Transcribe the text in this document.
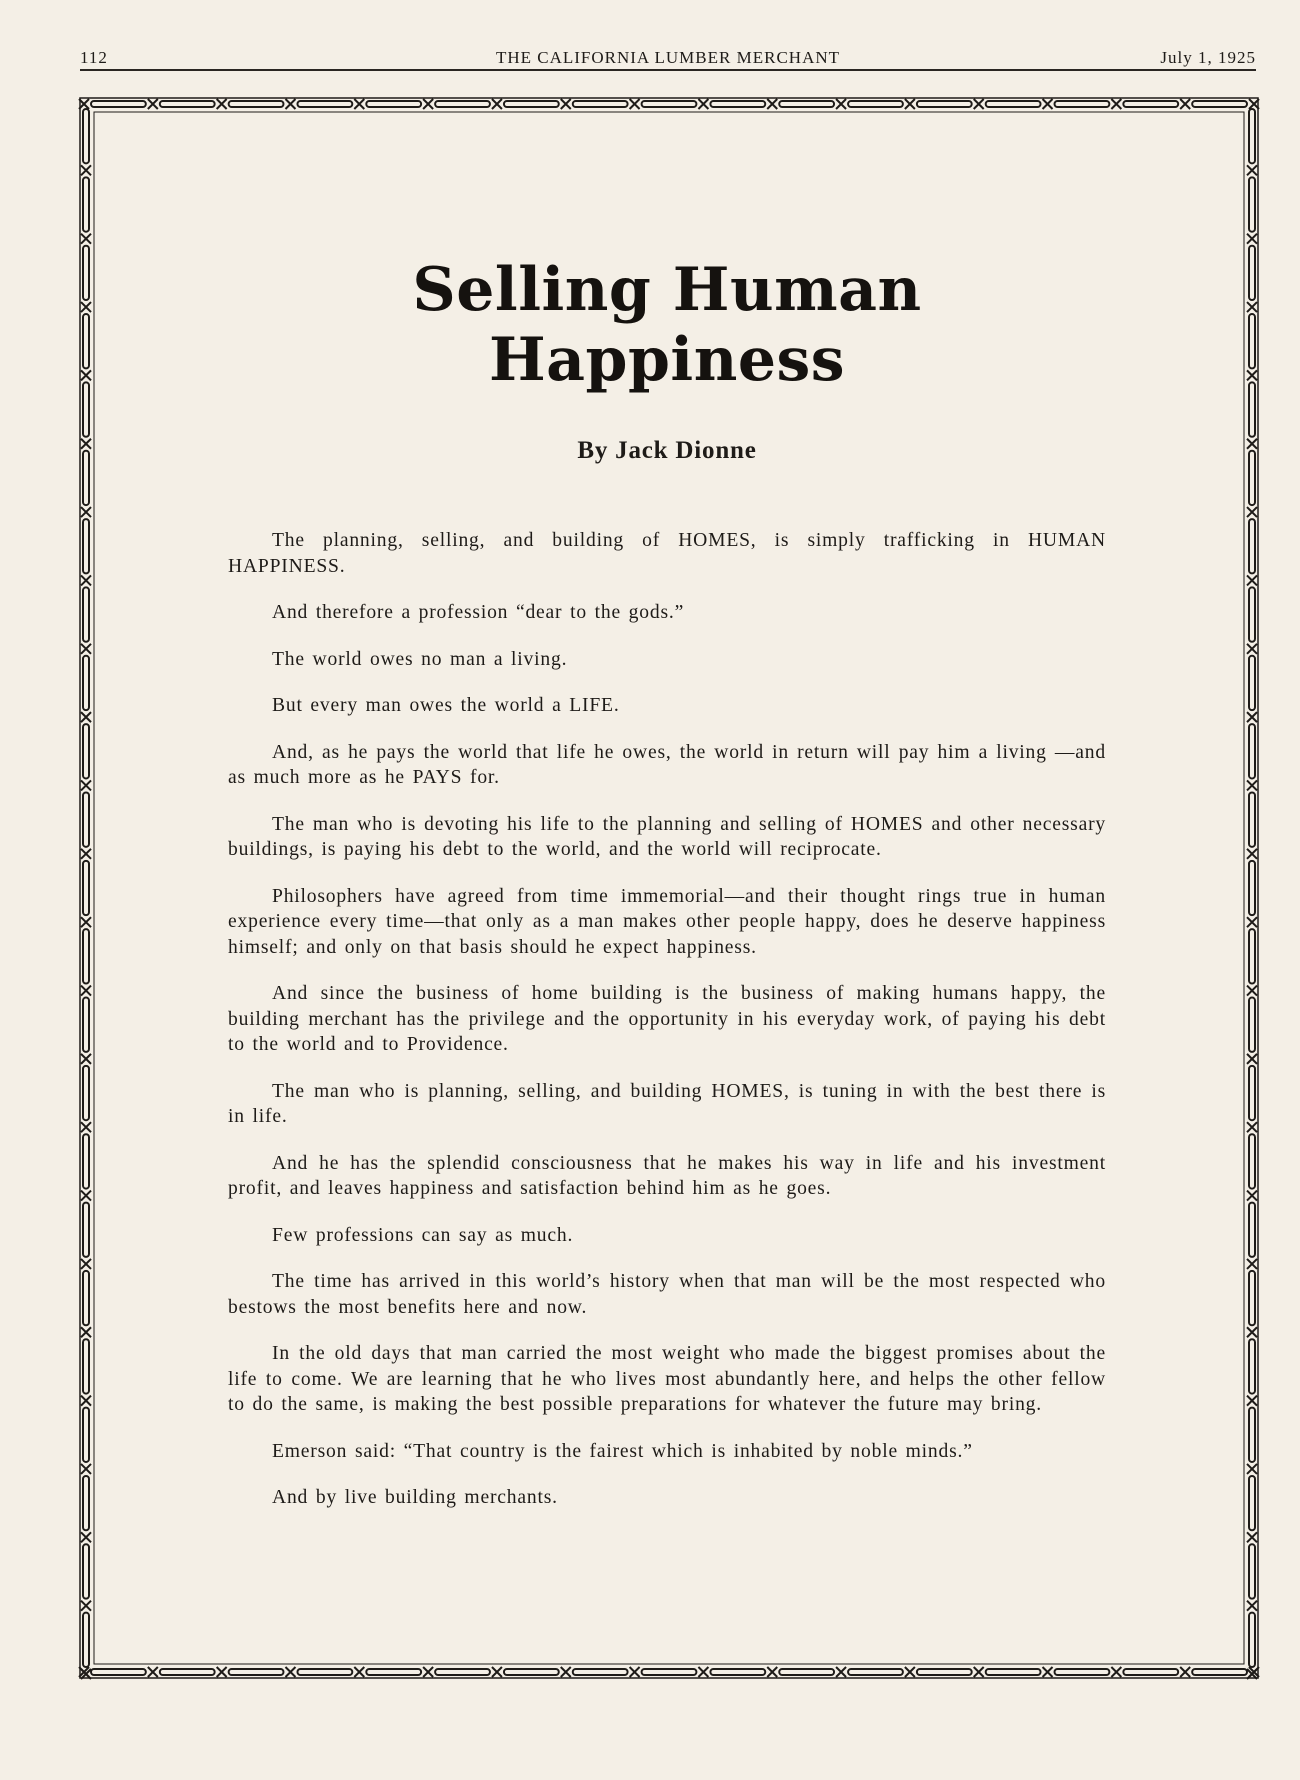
112	THE CALIFORNIA LUMBER MERCHANT	July 1, 1925
Selling Human Happiness
By Jack Dionne

The planning, selling, and building of HOMES, is simply trafficking in HUMAN HAPPINESS.

And therefore a profession “dear to the gods.”

The world owes no man a living.

But every man owes the world a LIFE.

And, as he pays the world that life he owes, the world in return will pay him a living —and as much more as he PAYS for.

The man who is devoting his life to the planning and selling of HOMES and other necessary buildings, is paying his debt to the world, and the world will reciprocate.

Philosophers have agreed from time immemorial—and their thought rings true in human experience every time—that only as a man makes other people happy, does he deserve happiness himself; and only on that basis should he expect happiness.

And since the business of home building is the business of making humans happy, the building merchant has the privilege and the opportunity in his everyday work, of paying his debt to the world and to Providence.

The man who is planning, selling, and building HOMES, is tuning in with the best there is in life.

And he has the splendid consciousness that he makes his way in life and his investment profit, and leaves happiness and satisfaction behind him as he goes.

Few professions can say as much.

The time has arrived in this world’s history when that man will be the most respected who bestows the most benefits here and now.

In the old days that man carried the most weight who made the biggest promises about the life to come. We are learning that he who lives most abundantly here, and helps the other fellow to do the same, is making the best possible preparations for whatever the future may bring.

Emerson said: “That country is the fairest which is inhabited by noble minds.”

And by live building merchants.
